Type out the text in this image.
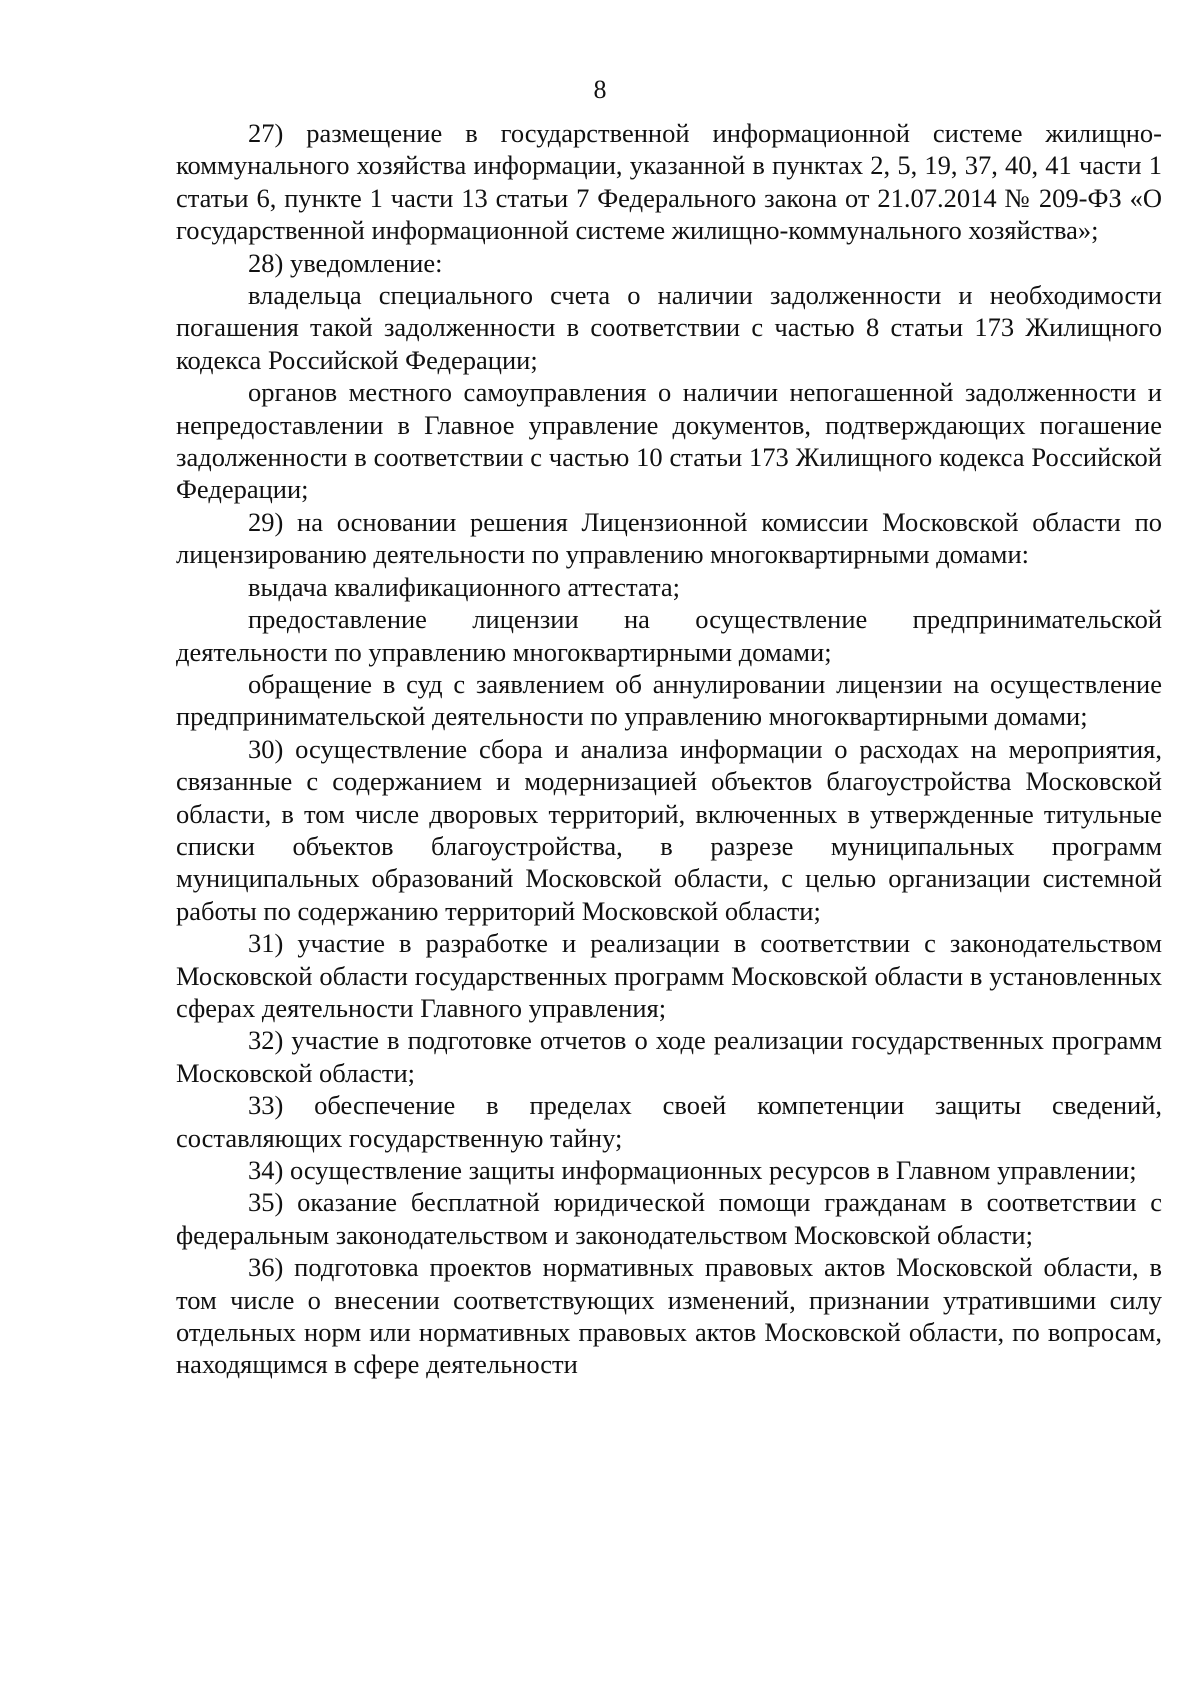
8

27) размещение в государственной информационной системе жилищно-коммунального хозяйства информации, указанной в пунктах 2, 5, 19, 37, 40, 41 части 1 статьи 6, пункте 1 части 13 статьи 7 Федерального закона от 21.07.2014 № 209-ФЗ «О государственной информационной системе жилищно-коммунального хозяйства»;

28) уведомление:

владельца специального счета о наличии задолженности и необходимости погашения такой задолженности в соответствии с частью 8 статьи 173 Жилищного кодекса Российской Федерации;

органов местного самоуправления о наличии непогашенной задолженности и непредоставлении в Главное управление документов, подтверждающих погашение задолженности в соответствии с частью 10 статьи 173 Жилищного кодекса Российской Федерации;

29) на основании решения Лицензионной комиссии Московской области по лицензированию деятельности по управлению многоквартирными домами:

выдача квалификационного аттестата;

предоставление лицензии на осуществление предпринимательской деятельности по управлению многоквартирными домами;

обращение в суд с заявлением об аннулировании лицензии на осуществление предпринимательской деятельности по управлению многоквартирными домами;

30) осуществление сбора и анализа информации о расходах на мероприятия, связанные с содержанием и модернизацией объектов благоустройства Московской области, в том числе дворовых территорий, включенных в утвержденные титульные списки объектов благоустройства, в разрезе муниципальных программ муниципальных образований Московской области, с целью организации системной работы по содержанию территорий Московской области;

31) участие в разработке и реализации в соответствии с законодательством Московской области государственных программ Московской области в установленных сферах деятельности Главного управления;

32) участие в подготовке отчетов о ходе реализации государственных программ Московской области;

33) обеспечение в пределах своей компетенции защиты сведений, составляющих государственную тайну;

34) осуществление защиты информационных ресурсов в Главном управлении;

35) оказание бесплатной юридической помощи гражданам в соответствии с федеральным законодательством и законодательством Московской области;

36) подготовка проектов нормативных правовых актов Московской области, в том числе о внесении соответствующих изменений, признании утратившими силу отдельных норм или нормативных правовых актов Московской области, по вопросам, находящимся в сфере деятельности
